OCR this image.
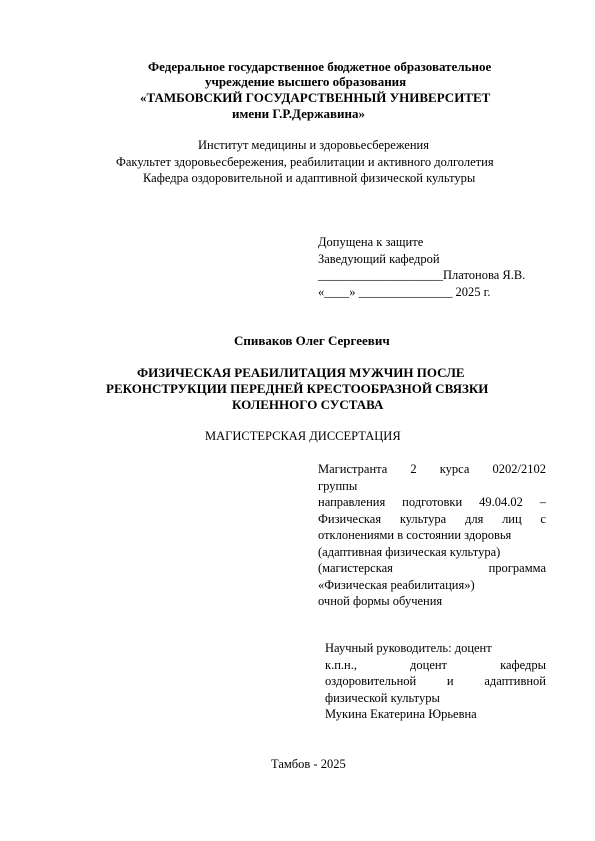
Федеральное государственное бюджетное образовательное
учреждение высшего образования
«ТАМБОВСКИЙ ГОСУДАРСТВЕННЫЙ УНИВЕРСИТЕТ
имени Г.Р.Державина»
Институт медицины и здоровьесбережения
Факультет здоровьесбережения, реабилитации и активного долголетия
Кафедра оздоровительной и адаптивной физической культуры
Допущена к защите
Заведующий кафедрой
____________________Платонова Я.В.
«____» _______________ 2025 г.
Спиваков Олег Сергеевич
ФИЗИЧЕСКАЯ РЕАБИЛИТАЦИЯ МУЖЧИН ПОСЛЕ
РЕКОНСТРУКЦИИ ПЕРЕДНЕЙ КРЕСТООБРАЗНОЙ СВЯЗКИ
КОЛЕННОГО СУСТАВА
МАГИСТЕРСКАЯ ДИССЕРТАЦИЯ
Магистранта 2 курса 0202/2102
группы
направления подготовки 49.04.02 –
Физическая культура для лиц с
отклонениями в состоянии здоровья
(адаптивная физическая культура)
(магистерская программа
«Физическая реабилитация»)
очной формы обучения
Научный руководитель: доцент
к.п.н., доцент кафедры
оздоровительной и адаптивной
физической культуры
Мукина Екатерина Юрьевна
Тамбов - 2025
